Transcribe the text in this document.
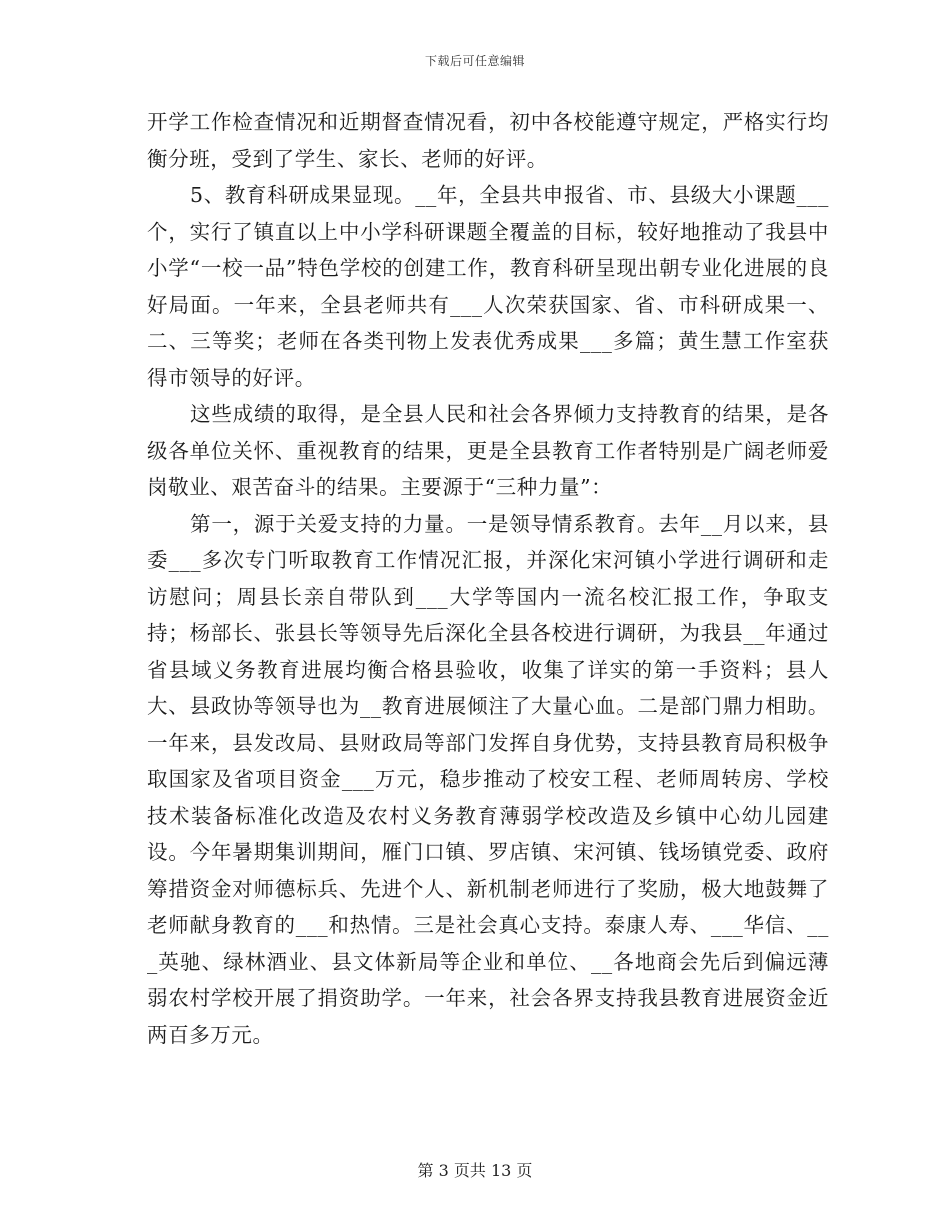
下载后可任意编辑

开学工作检查情况和近期督查情况看，初中各校能遵守规定，严格实行均衡分班，受到了学生、家长、老师的好评。

5、教育科研成果显现。__年，全县共申报省、市、县级大小课题___个，实行了镇直以上中小学科研课题全覆盖的目标，较好地推动了我县中小学“一校一品”特色学校的创建工作，教育科研呈现出朝专业化进展的良好局面。一年来，全县老师共有___人次荣获国家、省、市科研成果一、二、三等奖；老师在各类刊物上发表优秀成果___多篇；黄生慧工作室获得市领导的好评。

这些成绩的取得，是全县人民和社会各界倾力支持教育的结果，是各级各单位关怀、重视教育的结果，更是全县教育工作者特别是广阔老师爱岗敬业、艰苦奋斗的结果。主要源于“三种力量”：

第一，源于关爱支持的力量。一是领导情系教育。去年__月以来，县委___多次专门听取教育工作情况汇报，并深化宋河镇小学进行调研和走访慰问；周县长亲自带队到___大学等国内一流名校汇报工作，争取支持；杨部长、张县长等领导先后深化全县各校进行调研，为我县__年通过省县域义务教育进展均衡合格县验收，收集了详实的第一手资料；县人大、县政协等领导也为__教育进展倾注了大量心血。二是部门鼎力相助。一年来，县发改局、县财政局等部门发挥自身优势，支持县教育局积极争取国家及省项目资金___万元，稳步推动了校安工程、老师周转房、学校技术装备标准化改造及农村义务教育薄弱学校改造及乡镇中心幼儿园建设。今年暑期集训期间，雁门口镇、罗店镇、宋河镇、钱场镇党委、政府筹措资金对师德标兵、先进个人、新机制老师进行了奖励，极大地鼓舞了老师献身教育的___和热情。三是社会真心支持。泰康人寿、___华信、___英驰、绿林酒业、县文体新局等企业和单位、__各地商会先后到偏远薄弱农村学校开展了捐资助学。一年来，社会各界支持我县教育进展资金近两百多万元。

第 3 页共 13 页
